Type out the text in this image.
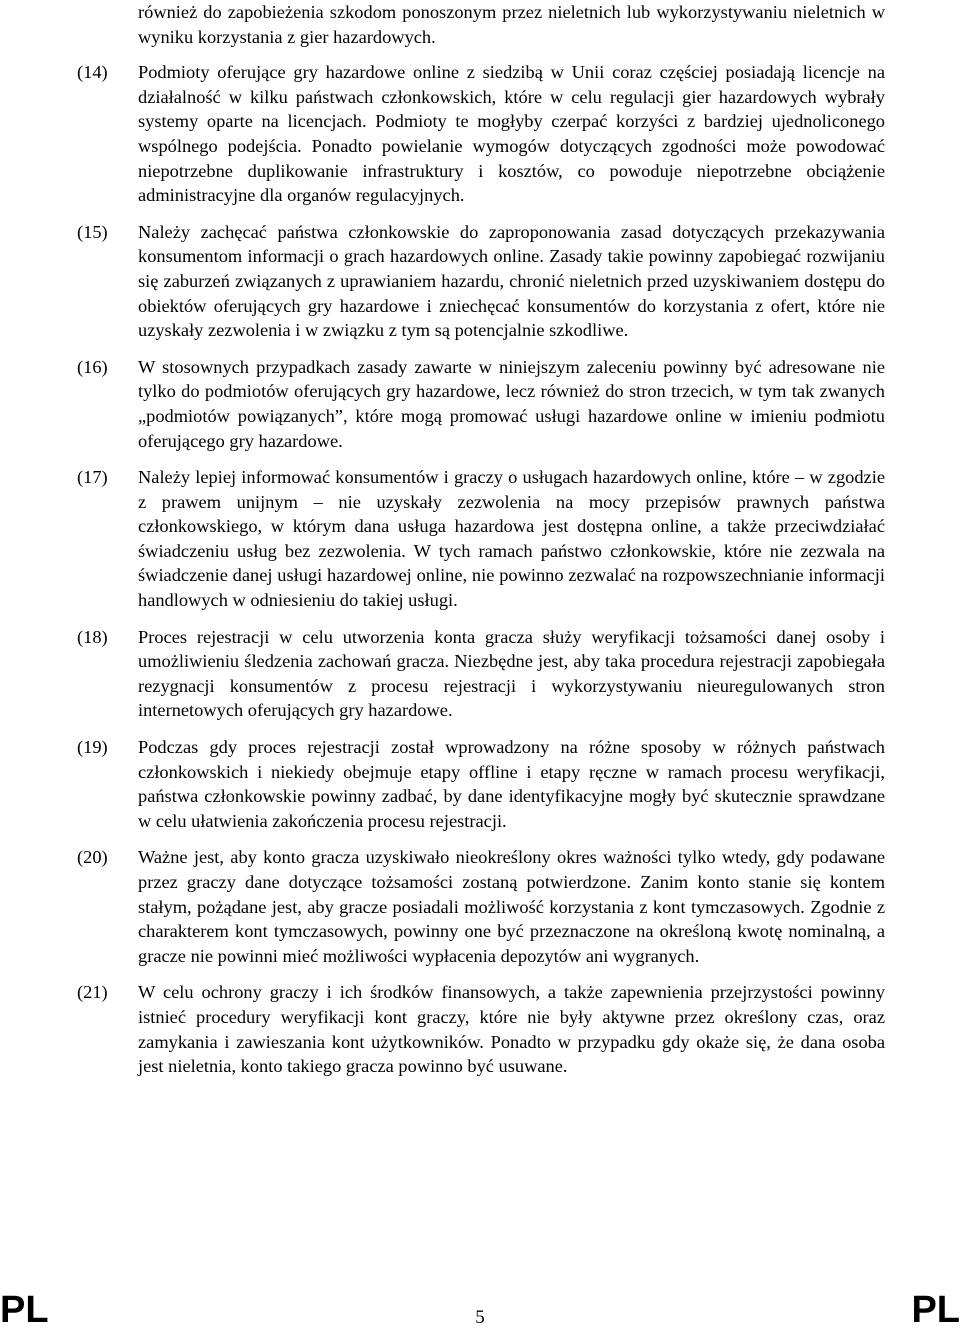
również do zapobieżenia szkodom ponoszonym przez nieletnich lub wykorzystywaniu nieletnich w wyniku korzystania z gier hazardowych.
(14)	Podmioty oferujące gry hazardowe online z siedzibą w Unii coraz częściej posiadają licencje na działalność w kilku państwach członkowskich, które w celu regulacji gier hazardowych wybrały systemy oparte na licencjach. Podmioty te mogłyby czerpać korzyści z bardziej ujednoliconego wspólnego podejścia. Ponadto powielanie wymogów dotyczących zgodności może powodować niepotrzebne duplikowanie infrastruktury i kosztów, co powoduje niepotrzebne obciążenie administracyjne dla organów regulacyjnych.
(15)	Należy zachęcać państwa członkowskie do zaproponowania zasad dotyczących przekazywania konsumentom informacji o grach hazardowych online. Zasady takie powinny zapobiegać rozwijaniu się zaburzeń związanych z uprawianiem hazardu, chronić nieletnich przed uzyskiwaniem dostępu do obiektów oferujących gry hazardowe i zniechęcać konsumentów do korzystania z ofert, które nie uzyskały zezwolenia i w związku z tym są potencjalnie szkodliwe.
(16)	W stosownych przypadkach zasady zawarte w niniejszym zaleceniu powinny być adresowane nie tylko do podmiotów oferujących gry hazardowe, lecz również do stron trzecich, w tym tak zwanych „podmiotów powiązanych”, które mogą promować usługi hazardowe online w imieniu podmiotu oferującego gry hazardowe.
(17)	Należy lepiej informować konsumentów i graczy o usługach hazardowych online, które – w zgodzie z prawem unijnym – nie uzyskały zezwolenia na mocy przepisów prawnych państwa członkowskiego, w którym dana usługa hazardowa jest dostępna online, a także przeciwdziałać świadczeniu usług bez zezwolenia. W tych ramach państwo członkowskie, które nie zezwala na świadczenie danej usługi hazardowej online, nie powinno zezwalać na rozpowszechnianie informacji handlowych w odniesieniu do takiej usługi.
(18)	Proces rejestracji w celu utworzenia konta gracza służy weryfikacji tożsamości danej osoby i umożliwieniu śledzenia zachowań gracza. Niezbędne jest, aby taka procedura rejestracji zapobiegała rezygnacji konsumentów z procesu rejestracji i wykorzystywaniu nieuregulowanych stron internetowych oferujących gry hazardowe.
(19)	Podczas gdy proces rejestracji został wprowadzony na różne sposoby w różnych państwach członkowskich i niekiedy obejmuje etapy offline i etapy ręczne w ramach procesu weryfikacji, państwa członkowskie powinny zadbać, by dane identyfikacyjne mogły być skutecznie sprawdzane w celu ułatwienia zakończenia procesu rejestracji.
(20)	Ważne jest, aby konto gracza uzyskiwało nieokreślony okres ważności tylko wtedy, gdy podawane przez graczy dane dotyczące tożsamości zostaną potwierdzone. Zanim konto stanie się kontem stałym, pożądane jest, aby gracze posiadali możliwość korzystania z kont tymczasowych. Zgodnie z charakterem kont tymczasowych, powinny one być przeznaczone na określoną kwotę nominalną, a gracze nie powinni mieć możliwości wypłacenia depozytów ani wygranych.
(21)	W celu ochrony graczy i ich środków finansowych, a także zapewnienia przejrzystości powinny istnieć procedury weryfikacji kont graczy, które nie były aktywne przez określony czas, oraz zamykania i zawieszania kont użytkowników. Ponadto w przypadku gdy okaże się, że dana osoba jest nieletnia, konto takiego gracza powinno być usuwane.
PL	5	PL
